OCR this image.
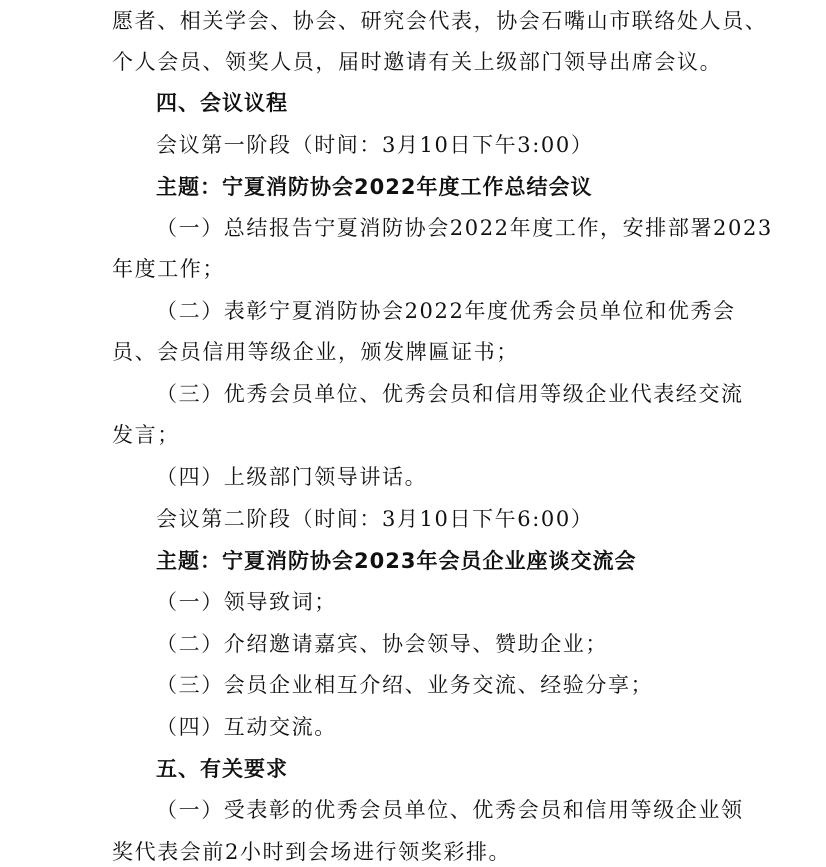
愿者、相关学会、协会、研究会代表，协会石嘴山市联络处人员、
个人会员、领奖人员，届时邀请有关上级部门领导出席会议。
四、会议议程
会议第一阶段（时间：3月10日下午3:00）
主题：宁夏消防协会2022年度工作总结会议
（一）总结报告宁夏消防协会2022年度工作，安排部署2023
年度工作；
（二）表彰宁夏消防协会2022年度优秀会员单位和优秀会
员、会员信用等级企业，颁发牌匾证书；
（三）优秀会员单位、优秀会员和信用等级企业代表经交流
发言；
（四）上级部门领导讲话。
会议第二阶段（时间：3月10日下午6:00）
主题：宁夏消防协会2023年会员企业座谈交流会
（一）领导致词；
（二）介绍邀请嘉宾、协会领导、赞助企业；
（三）会员企业相互介绍、业务交流、经验分享；
（四）互动交流。
五、有关要求
（一）受表彰的优秀会员单位、优秀会员和信用等级企业领
奖代表会前2小时到会场进行领奖彩排。
